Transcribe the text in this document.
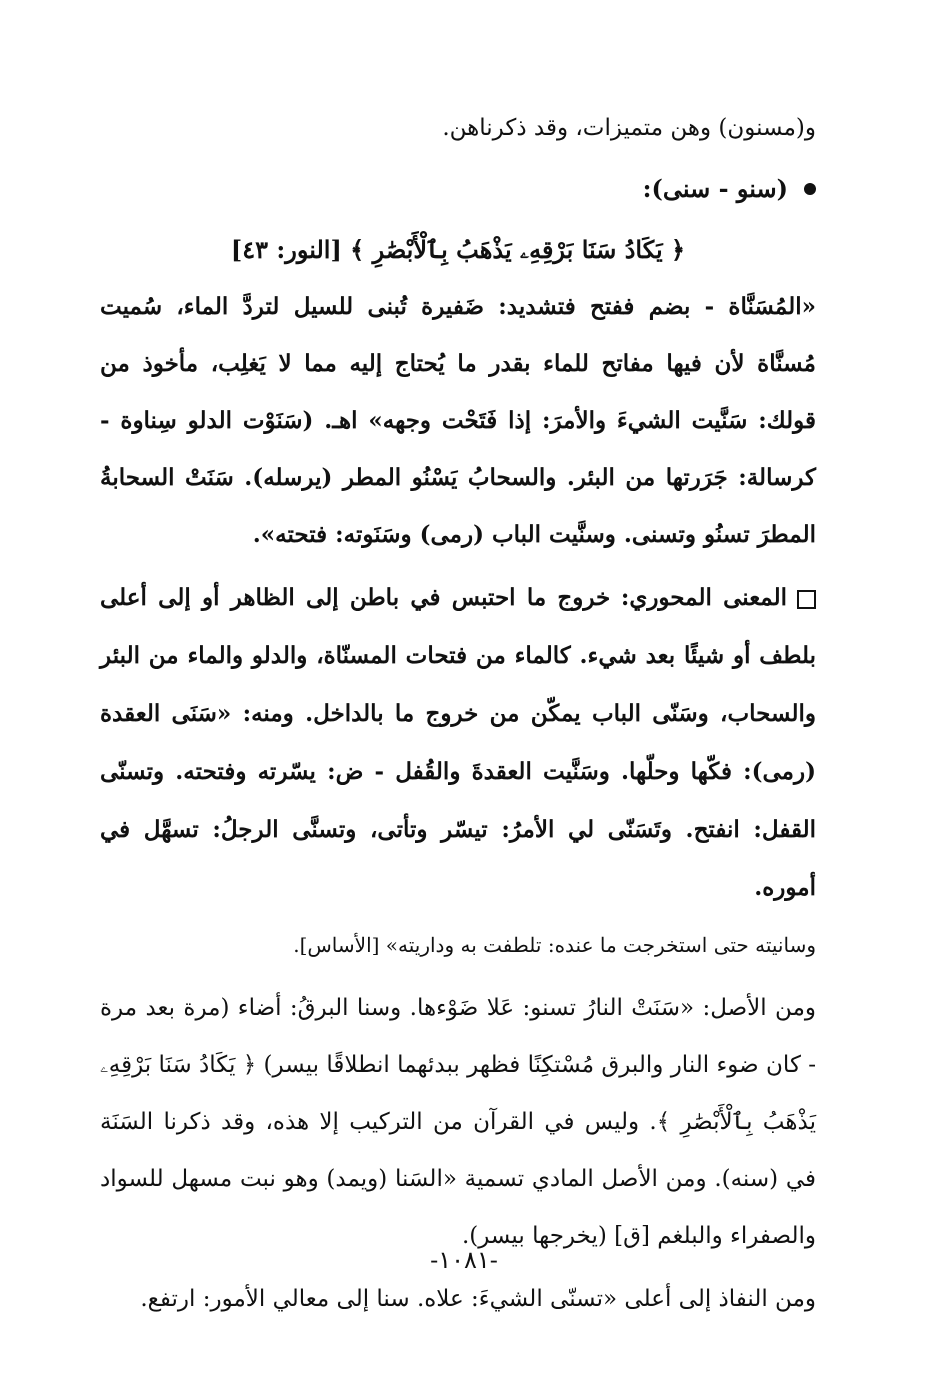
و(مسنون) وهن متميزات، وقد ذكرناهن.

(سنو - سنى):
﴿ يَكَادُ سَنَا بَرْقِهِۦ يَذْهَبُ بِٱلْأَبْصَٰرِ ﴾ [النور: ٤٣]

«المُسَنَّاة - بضم ففتح فتشديد: ضَفيرة تُبنى للسيل لتردَّ الماء، سُميت مُسنَّاة لأن فيها مفاتح للماء بقدر ما يُحتاج إليه مما لا يَغلِب، مأخوذ من قولك: سَنَّيت الشيءَ والأمرَ: إذا فَتَحْت وجهه» اهـ. (سَنَوْت الدلو سِناوة - كرسالة: جَرَرتها من البئر. والسحابُ يَسْنُو المطر (يرسله). سَنَتْ السحابةُ المطرَ تسنُو وتسنى. وسنَّيت الباب (رمى) وسَنَوته: فتحته».

المعنى المحوري: خروج ما احتبس في باطن إلى الظاهر أو إلى أعلى بلطف أو شيئًا بعد شيء. كالماء من فتحات المسنّاة، والدلو والماء من البئر والسحاب، وسَنّى الباب يمكّن من خروج ما بالداخل. ومنه: «سَنَى العقدة (رمى): فكّها وحلّها. وسَنَّيت العقدةَ والقُفل - ض: يسّرته وفتحته. وتسنّى القفل: انفتح. وتَسَنّى لي الأمرُ: تيسّر وتأتى، وتسنَّى الرجلُ: تسهَّل في أموره.

وسانيته حتى استخرجت ما عنده: تلطفت به وداريته» [الأساس].

ومن الأصل: «سَنَتْ النارُ تسنو: عَلا ضَوْءها. وسنا البرقُ: أضاء (مرة بعد مرة - كان ضوء النار والبرق مُسْتكِنًا فظهر ببدئهما انطلاقًا بيسر) ﴿ يَكَادُ سَنَا بَرْقِهِۦ يَذْهَبُ بِٱلْأَبْصَٰرِ ﴾. وليس في القرآن من التركيب إلا هذه، وقد ذكرنا السَنَة في (سنه). ومن الأصل المادي تسمية «السَنا (ويمد) وهو نبت مسهل للسواد والصفراء والبلغم [ق] (يخرجها بيسر).

ومن النفاذ إلى أعلى «تسنّى الشيءَ: علاه. سنا إلى معالي الأمور: ارتفع.

-١٠٨١-
